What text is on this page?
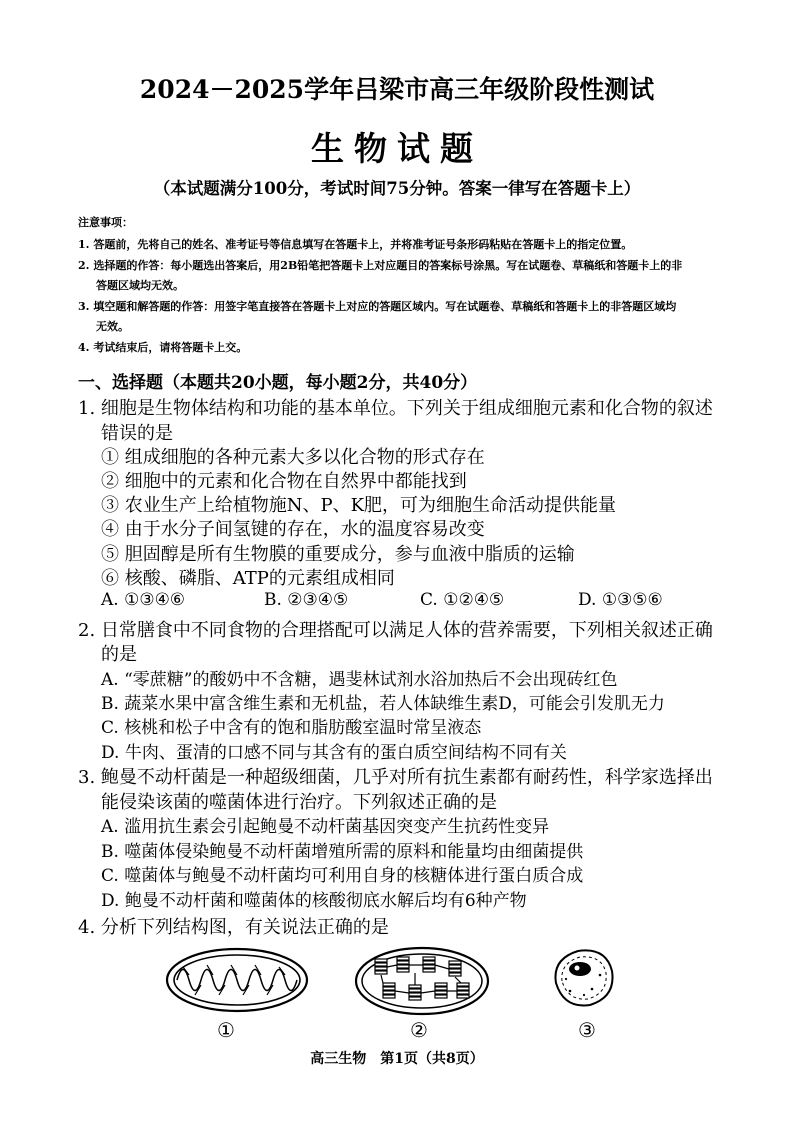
2024－2025学年吕梁市高三年级阶段性测试
生物试题
（本试题满分100分，考试时间75分钟。答案一律写在答题卡上）
注意事项：
1. 答题前，先将自己的姓名、准考证号等信息填写在答题卡上，并将准考证号条形码粘贴在答题卡上的指定位置。
2. 选择题的作答：每小题选出答案后，用2B铅笔把答题卡上对应题目的答案标号涂黑。写在试题卷、草稿纸和答题卡上的非
答题区域均无效。
3. 填空题和解答题的作答：用签字笔直接答在答题卡上对应的答题区域内。写在试题卷、草稿纸和答题卡上的非答题区域均
无效。
4. 考试结束后，请将答题卡上交。
一、选择题（本题共20小题，每小题2分，共40分）
1. 细胞是生物体结构和功能的基本单位。下列关于组成细胞元素和化合物的叙述
错误的是
① 组成细胞的各种元素大多以化合物的形式存在
② 细胞中的元素和化合物在自然界中都能找到
③ 农业生产上给植物施N、P、K肥，可为细胞生命活动提供能量
④ 由于水分子间氢键的存在，水的温度容易改变
⑤ 胆固醇是所有生物膜的重要成分，参与血液中脂质的运输
⑥ 核酸、磷脂、ATP的元素组成相同
A. ①③④⑥	B. ②③④⑤	C. ①②④⑤	D. ①③⑤⑥
2. 日常膳食中不同食物的合理搭配可以满足人体的营养需要，下列相关叙述正确
的是
A. “零蔗糖”的酸奶中不含糖，遇斐林试剂水浴加热后不会出现砖红色
B. 蔬菜水果中富含维生素和无机盐，若人体缺维生素D，可能会引发肌无力
C. 核桃和松子中含有的饱和脂肪酸室温时常呈液态
D. 牛肉、蛋清的口感不同与其含有的蛋白质空间结构不同有关
3. 鲍曼不动杆菌是一种超级细菌，几乎对所有抗生素都有耐药性，科学家选择出
能侵染该菌的噬菌体进行治疗。下列叙述正确的是
A. 滥用抗生素会引起鲍曼不动杆菌基因突变产生抗药性变异
B. 噬菌体侵染鲍曼不动杆菌增殖所需的原料和能量均由细菌提供
C. 噬菌体与鲍曼不动杆菌均可利用自身的核糖体进行蛋白质合成
D. 鲍曼不动杆菌和噬菌体的核酸彻底水解后均有6种产物
4. 分析下列结构图，有关说法正确的是
①	②	③
高三生物　第1页（共8页）
